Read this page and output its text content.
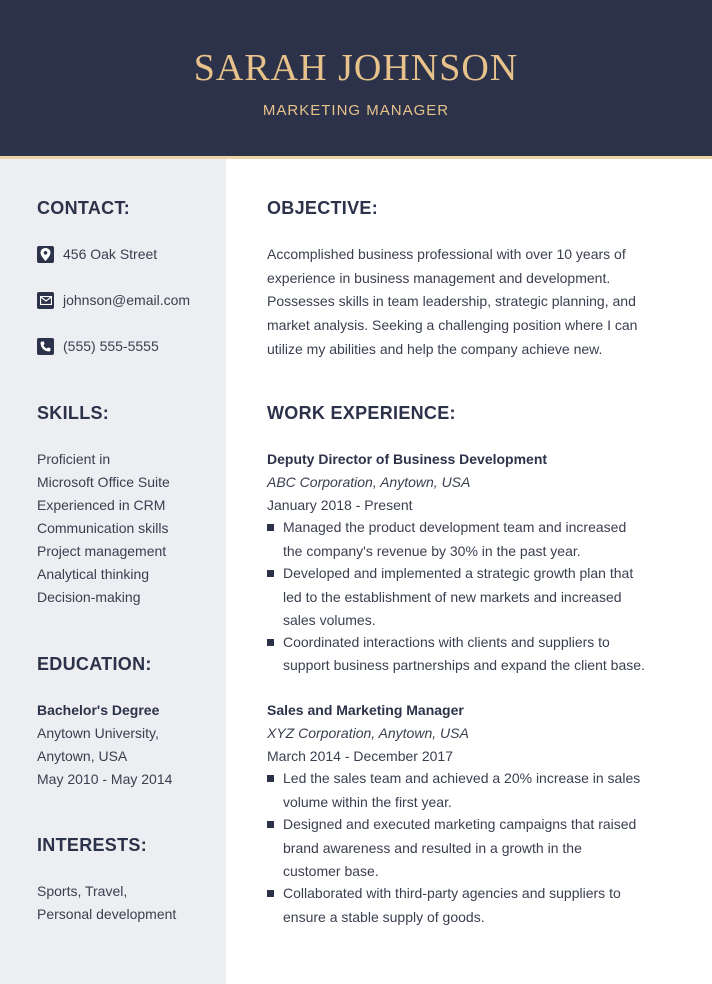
SARAH JOHNSON
MARKETING MANAGER
CONTACT:
456 Oak Street
johnson@email.com
(555) 555-5555
SKILLS:
Proficient in
Microsoft Office Suite
Experienced in CRM
Communication skills
Project management
Analytical thinking
Decision-making
EDUCATION:
Bachelor's Degree
Anytown University,
Anytown, USA
May 2010 - May 2014
INTERESTS:
Sports, Travel,
Personal development
OBJECTIVE:
Accomplished business professional with over 10 years of
experience in business management and development.
Possesses skills in team leadership, strategic planning, and
market analysis. Seeking a challenging position where I can
utilize my abilities and help the company achieve new.
WORK EXPERIENCE:
Deputy Director of Business Development
ABC Corporation, Anytown, USA
January 2018 - Present
Managed the product development team and increased
the company's revenue by 30% in the past year.
Developed and implemented a strategic growth plan that
led to the establishment of new markets and increased
sales volumes.
Coordinated interactions with clients and suppliers to
support business partnerships and expand the client base.
Sales and Marketing Manager
XYZ Corporation, Anytown, USA
March 2014 - December 2017
Led the sales team and achieved a 20% increase in sales
volume within the first year.
Designed and executed marketing campaigns that raised
brand awareness and resulted in a growth in the
customer base.
Collaborated with third-party agencies and suppliers to
ensure a stable supply of goods.
